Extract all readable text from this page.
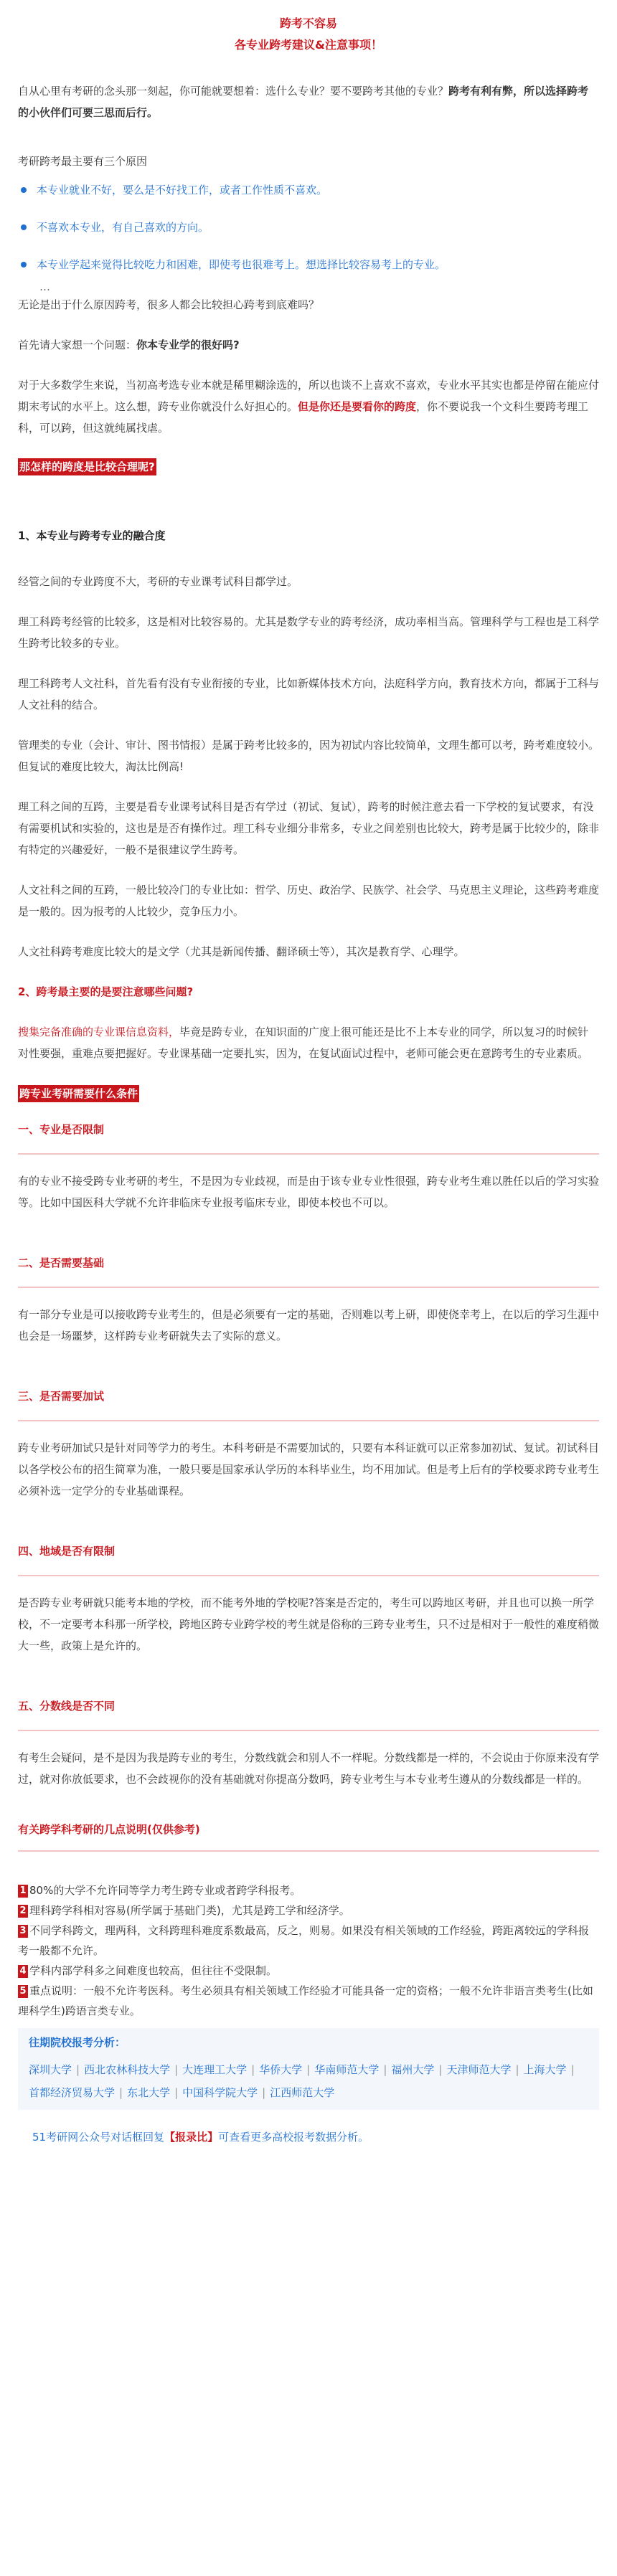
跨考不容易
各专业跨考建议&注意事项！

自从心里有考研的念头那一刻起，你可能就要想着：选什么专业？要不要跨考其他的专业？跨考有利有弊，所以选择跨考的小伙伴们可要三思而后行。

考研跨考最主要有三个原因

本专业就业不好，要么是不好找工作，或者工作性质不喜欢。
不喜欢本专业，有自己喜欢的方向。
本专业学起来觉得比较吃力和困难，即使考也很难考上。想选择比较容易考上的专业。
…

无论是出于什么原因跨考，很多人都会比较担心跨考到底难吗？

首先请大家想一个问题：你本专业学的很好吗?

对于大多数学生来说，当初高考选专业本就是稀里糊涂选的，所以也谈不上喜欢不喜欢，专业水平其实也都是停留在能应付期末考试的水平上。这么想，跨专业你就没什么好担心的。但是你还是要看你的跨度，你不要说我一个文科生要跨考理工科，可以跨，但这就纯属找虐。

那怎样的跨度是比较合理呢?

1、本专业与跨考专业的融合度

经管之间的专业跨度不大，考研的专业课考试科目都学过。

理工科跨考经管的比较多，这是相对比较容易的。尤其是数学专业的跨考经济，成功率相当高。管理科学与工程也是工科学生跨考比较多的专业。

理工科跨考人文社科，首先看有没有专业衔接的专业，比如新媒体技术方向，法庭科学方向，教育技术方向，都属于工科与人文社科的结合。

管理类的专业（会计、审计、图书情报）是属于跨考比较多的，因为初试内容比较简单，文理生都可以考，跨考难度较小。但复试的难度比较大，淘汰比例高!

理工科之间的互跨，主要是看专业课考试科目是否有学过（初试、复试），跨考的时候注意去看一下学校的复试要求，有没有需要机试和实验的，这也是是否有操作过。理工科专业细分非常多，专业之间差别也比较大，跨考是属于比较少的，除非有特定的兴趣爱好，一般不是很建议学生跨考。

人文社科之间的互跨，一般比较冷门的专业比如：哲学、历史、政治学、民族学、社会学、马克思主义理论，这些跨考难度是一般的。因为报考的人比较少，竞争压力小。

人文社科跨考难度比较大的是文学（尤其是新闻传播、翻译硕士等），其次是教育学、心理学。

2、跨考最主要的是要注意哪些问题?

搜集完备准确的专业课信息资料，毕竟是跨专业，在知识面的广度上很可能还是比不上本专业的同学，所以复习的时候针对性要强，重难点要把握好。专业课基础一定要扎实，因为，在复试面试过程中，老师可能会更在意跨考生的专业素质。

跨专业考研需要什么条件

一、专业是否限制

有的专业不接受跨专业考研的考生，不是因为专业歧视，而是由于该专业专业性很强，跨专业考生难以胜任以后的学习实验等。比如中国医科大学就不允许非临床专业报考临床专业，即使本校也不可以。

二、是否需要基础

有一部分专业是可以接收跨专业考生的，但是必须要有一定的基础，否则难以考上研，即使侥幸考上，在以后的学习生涯中也会是一场噩梦，这样跨专业考研就失去了实际的意义。

三、是否需要加试

跨专业考研加试只是针对同等学力的考生。本科考研是不需要加试的，只要有本科证就可以正常参加初试、复试。初试科目以各学校公布的招生简章为准，一般只要是国家承认学历的本科毕业生，均不用加试。但是考上后有的学校要求跨专业考生必须补选一定学分的专业基础课程。

四、地域是否有限制

是否跨专业考研就只能考本地的学校，而不能考外地的学校呢?答案是否定的，考生可以跨地区考研，并且也可以换一所学校，不一定要考本科那一所学校，跨地区跨专业跨学校的考生就是俗称的三跨专业考生，只不过是相对于一般性的难度稍微大一些，政策上是允许的。

五、分数线是否不同

有考生会疑问，是不是因为我是跨专业的考生，分数线就会和别人不一样呢。分数线都是一样的，不会说由于你原来没有学过，就对你放低要求，也不会歧视你的没有基础就对你提高分数吗，跨专业考生与本专业考生遵从的分数线都是一样的。

有关跨学科考研的几点说明(仅供参考)

1 80%的大学不允许同等学力考生跨专业或者跨学科报考。
2 理科跨学科相对容易(所学属于基础门类)，尤其是跨工学和经济学。
3 不同学科跨文，理两科，文科跨理科难度系数最高，反之，则易。如果没有相关领域的工作经验，跨距离较远的学科报考一般都不允许。
4 学科内部学科多之间难度也较高，但往往不受限制。
5 重点说明：一般不允许考医科。考生必须具有相关领域工作经验才可能具备一定的资格；一般不允许非语言类考生(比如理科学生)跨语言类专业。
往期院校报考分析：
深圳大学 | 西北农林科技大学 | 大连理工大学 | 华侨大学 | 华南师范大学 | 福州大学 | 天津师范大学 | 上海大学 |首都经济贸易大学 | 东北大学 | 中国科学院大学 | 江西师范大学
51考研网公众号对话框回复【报录比】可查看更多高校报考数据分析。
